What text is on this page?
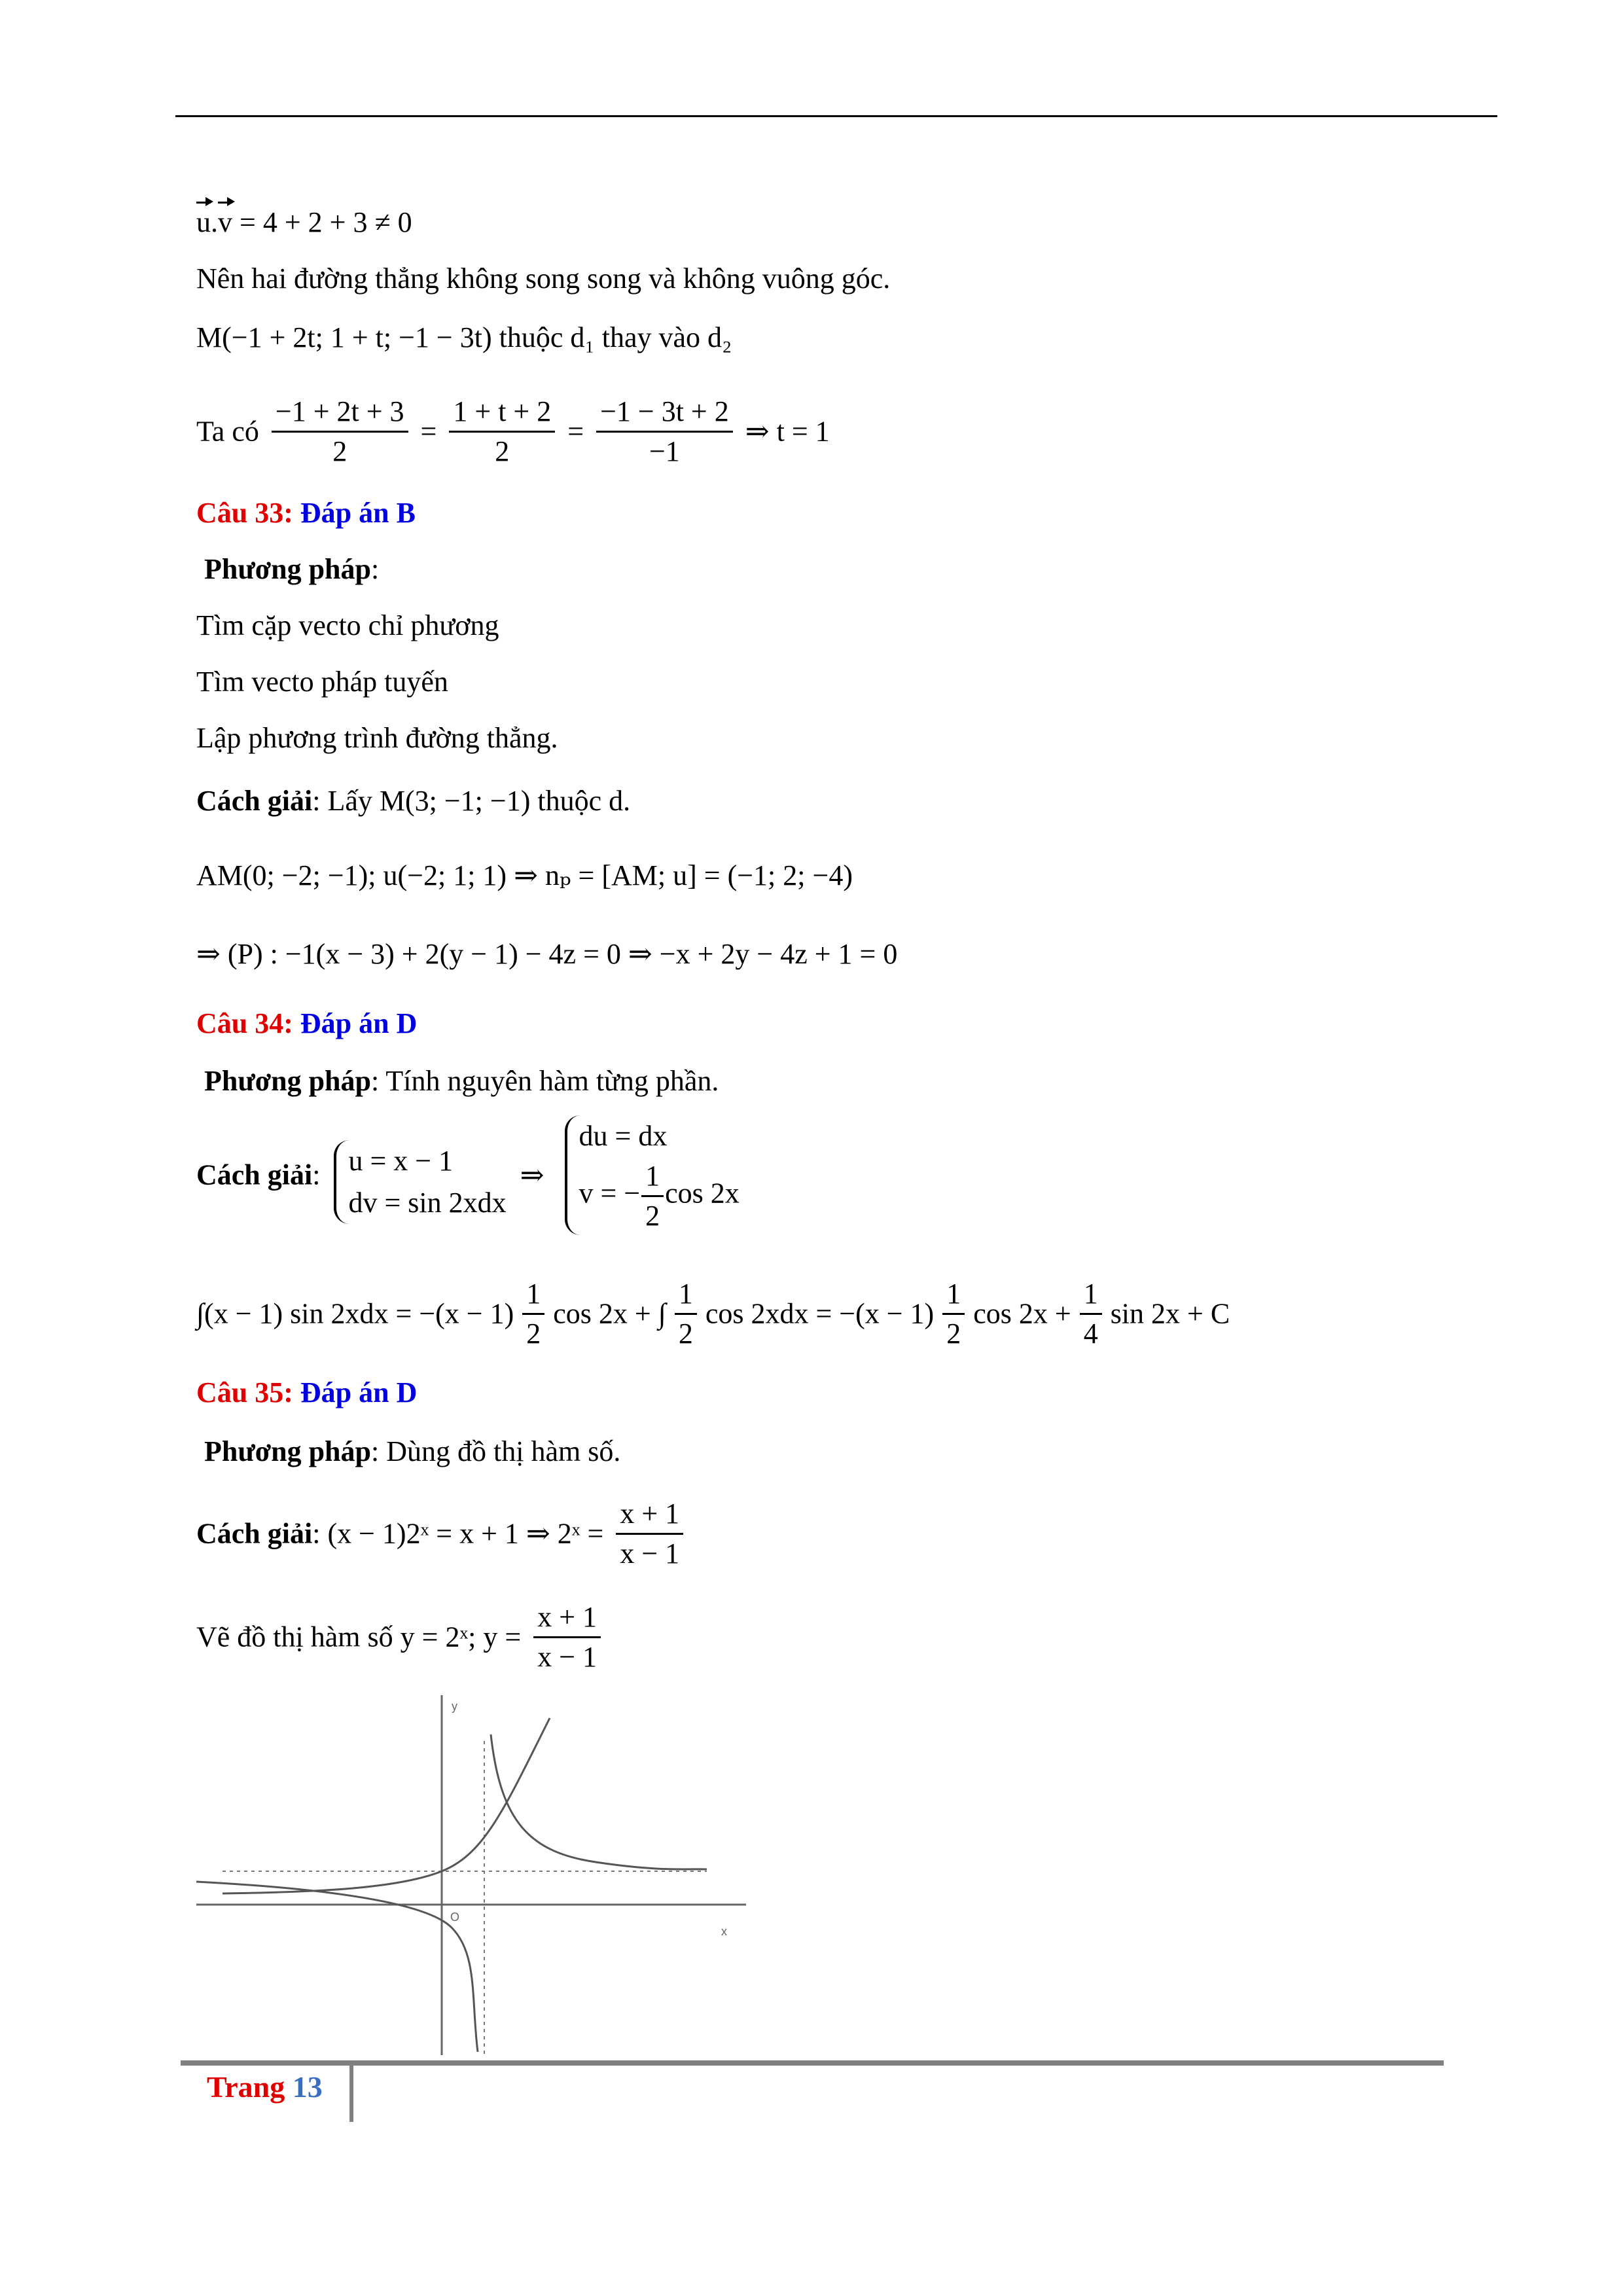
u.v = 4 + 2 + 3 ≠ 0
Nên hai đường thẳng không song song và không vuông góc.
M(−1 + 2t; 1 + t; −1 − 3t) thuộc d₁ thay vào d₂
Ta có $\frac{-1 + 2t + 3}{2} = \frac{1 + t + 2}{2} = \frac{-1 - 3t + 2}{-1}$ ⇒ t = 1
Câu 33: Đáp án B
Phương pháp:
Tìm cặp vecto chỉ phương
Tìm vecto pháp tuyến
Lập phương trình đường thẳng.
Cách giải: Lấy M(3; −1; −1) thuộc d.
AM(0; −2; −1); u(−2; 1; 1) ⇒ nₚ = [AM; u] = (−1; 2; −4)
⇒ (P) : −1(x − 3) + 2(y − 1) − 4z = 0 ⇒ −x + 2y − 4z + 1 = 0
Câu 34: Đáp án D
Phương pháp: Tính nguyên hàm từng phần.
Cách giải: u = x − 1
dv = sin 2xdx
⇒
du = dx
v = − $\frac{1}{2}$ cos 2x
∫(x − 1) $\sin 2xdx = -(x - 1) \frac{1}{2}$ cos 2x + ∫ $\frac{1}{2}$ $\cos 2xdx = -(x - 1) \frac{1}{2}$ $\cos 2x + \frac{1}{4}$ sin 2x + C
Câu 35: Đáp án D
Phương pháp: Dùng đồ thị hàm số.
Cách giải: (x − 1)2ˣ = x + 1 ⇒ 2ˣ = $\frac{x + 1}{x - 1}$
Vẽ đồ thị hàm số y = 2ˣ; $y = \frac{x + 1}{x - 1}$
O
x
y
Trang 13
